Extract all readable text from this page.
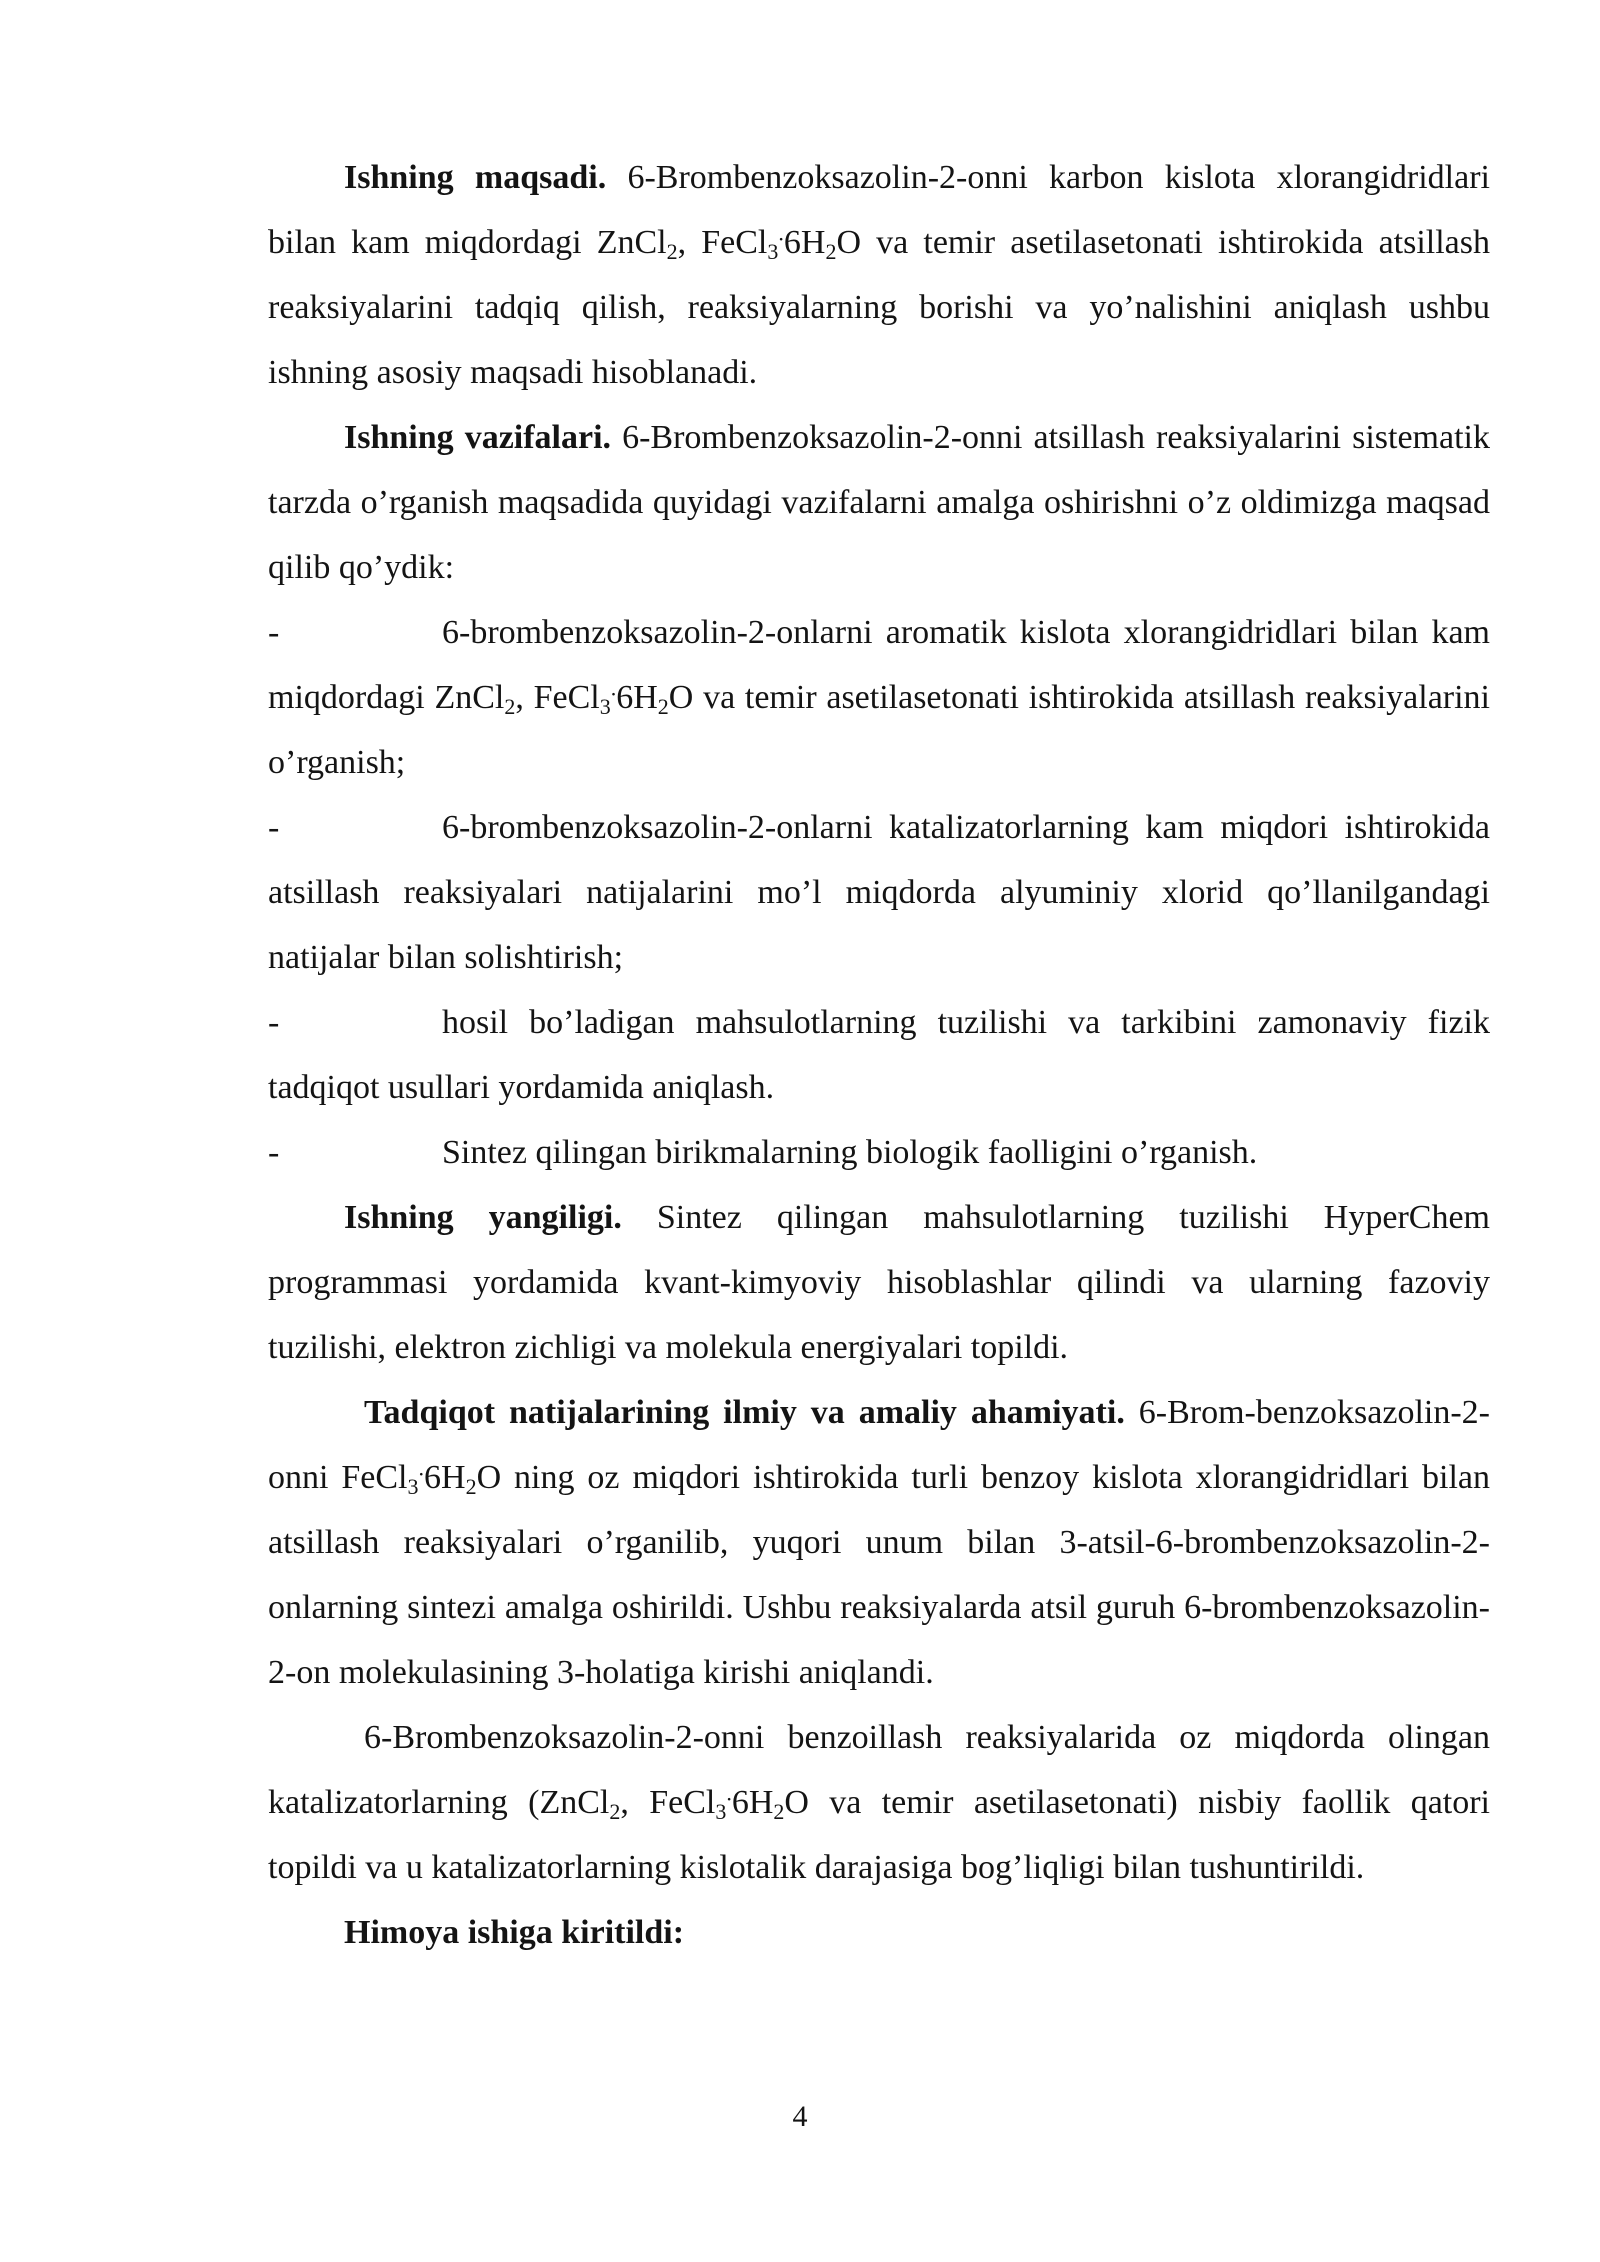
Ishning maqsadi. 6-Brombenzoksazolin-2-onni karbon kislota xlorangidridlari bilan kam miqdordagi ZnCl$_2$, $FeCl_3^.6H_2O$ va temir asetilasetonati ishtirokida atsillash reaksiyalarini tadqiq qilish, reaksiyalarning borishi va yo’nalishini aniqlash ushbu ishning asosiy maqsadi hisoblanadi.

Ishning vazifalari. 6-Brombenzoksazolin-2-onni atsillash reaksiyalarini sistematik tarzda o’rganish maqsadida quyidagi vazifalarni amalga oshirishni o’z oldimizga maqsad qilib qo’ydik:

-	6-brombenzoksazolin-2-onlarni aromatik kislota xlorangidridlari bilan kam miqdordagi ZnCl$_2$, $FeCl_3^.6H_2O$ va temir asetilasetonati ishtirokida atsillash reaksiyalarini o’rganish;

-	6-brombenzoksazolin-2-onlarni katalizatorlarning kam miqdori ishtirokida atsillash reaksiyalari natijalarini mo’l miqdorda alyuminiy xlorid qo’llanilgandagi natijalar bilan solishtirish;

-	hosil bo’ladigan mahsulotlarning tuzilishi va tarkibini zamonaviy fizik tadqiqot usullari yordamida aniqlash.

-	Sintez qilingan birikmalarning biologik faolligini o’rganish.

Ishning yangiligi. Sintez qilingan mahsulotlarning tuzilishi HyperChem programmasi yordamida kvant-kimyoviy hisoblashlar qilindi va ularning fazoviy tuzilishi, elektron zichligi va molekula energiyalari topildi.

Tadqiqot natijalarining ilmiy va amaliy ahamiyati. 6-Brom-benzoksazolin-2-onni $FeCl_3^.6H_2O$ ning oz miqdori ishtirokida turli benzoy kislota xlorangidridlari bilan atsillash reaksiyalari o’rganilib, yuqori unum bilan 3-atsil-6-brombenzoksazolin-2-onlarning sintezi amalga oshirildi. Ushbu reaksiyalarda atsil guruh 6-brombenzoksazolin-2-on molekulasining 3-holatiga kirishi aniqlandi.

6-Brombenzoksazolin-2-onni benzoillash reaksiyalarida oz miqdorda olingan katalizatorlarning (ZnCl$_2$, $FeCl_3^.6H_2O$ va temir asetilasetonati) nisbiy faollik qatori topildi va u katalizatorlarning kislotalik darajasiga bog’liqligi bilan tushuntirildi.

Himoya ishiga kiritildi:

4
